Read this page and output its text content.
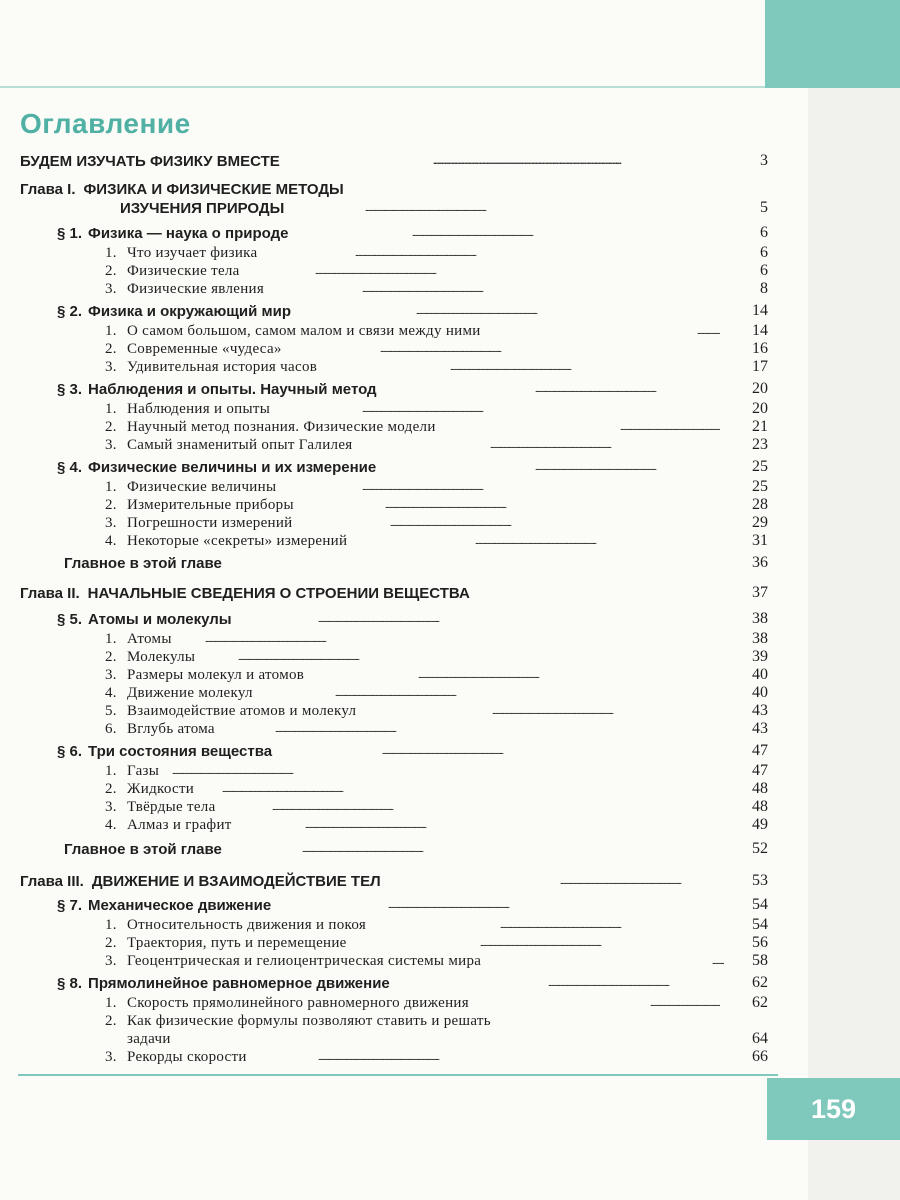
Оглавление
БУДЕМ ИЗУЧАТЬ ФИЗИКУ ВМЕСТЕ . . .	3
Глава I. ФИЗИКА И ФИЗИЧЕСКИЕ МЕТОДЫ
ИЗУЧЕНИЯ ПРИРОДЫ . . .	5
§ 1. Физика — наука о природе . . .	6
1. Что изучает физика . . .	6
2. Физические тела . . .	6
3. Физические явления . . .	8
§ 2. Физика и окружающий мир . . .	14
1. О самом большом, самом малом и связи между ними . . .	14
2. Современные «чудеса» . . .	16
3. Удивительная история часов . . .	17
§ 3. Наблюдения и опыты. Научный метод . . .	20
1. Наблюдения и опыты . . .	20
2. Научный метод познания. Физические модели . . .	21
3. Самый знаменитый опыт Галилея . . .	23
§ 4. Физические величины и их измерение . . .	25
1. Физические величины . . .	25
2. Измерительные приборы . . .	28
3. Погрешности измерений . . .	29
4. Некоторые «секреты» измерений . . .	31
Главное в этой главе	36
Глава II. НАЧАЛЬНЫЕ СВЕДЕНИЯ О СТРОЕНИИ ВЕЩЕСТВА	37
§ 5. Атомы и молекулы . . .	38
1. Атомы . . .	38
2. Молекулы . . .	39
3. Размеры молекул и атомов . . .	40
4. Движение молекул . . .	40
5. Взаимодействие атомов и молекул . . .	43
6. Вглубь атома . . .	43
§ 6. Три состояния вещества . . .	47
1. Газы . . .	47
2. Жидкости . . .	48
3. Твёрдые тела . . .	48
4. Алмаз и графит . . .	49
Главное в этой главе . . .	52
Глава III. ДВИЖЕНИЕ И ВЗАИМОДЕЙСТВИЕ ТЕЛ . . .	53
§ 7. Механическое движение . . .	54
1. Относительность движения и покоя . . .	54
2. Траектория, путь и перемещение . . .	56
3. Геоцентрическая и гелиоцентрическая системы мира . . .	58
§ 8. Прямолинейное равномерное движение . . .	62
1. Скорость прямолинейного равномерного движения . . .	62
2. Как физические формулы позволяют ставить и решать
задачи	64
3. Рекорды скорости . . .	66
159
